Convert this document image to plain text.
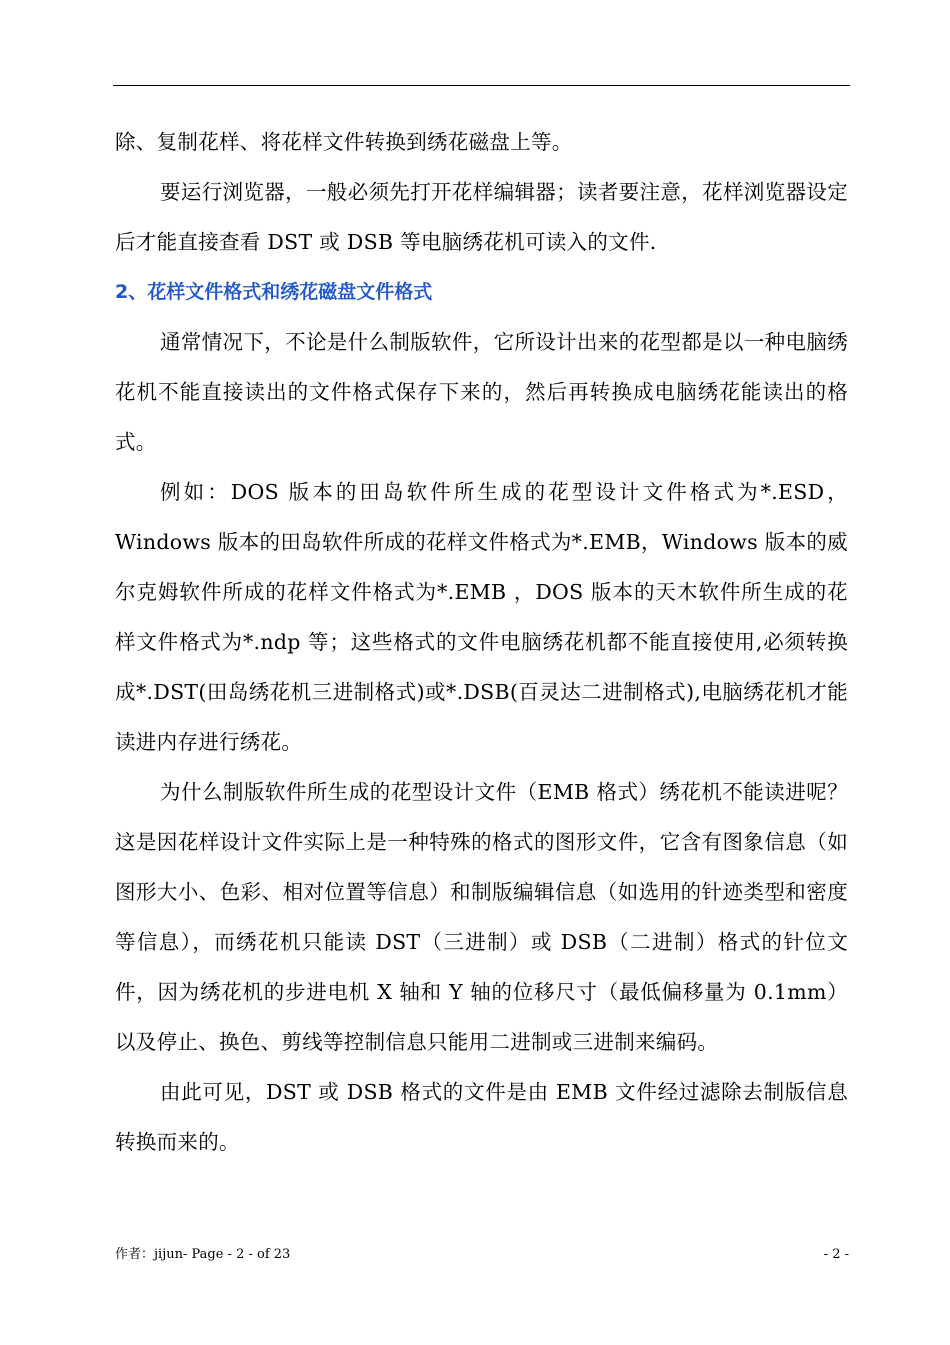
除、复制花样、将花样文件转换到绣花磁盘上等。

要运行浏览器，一般必须先打开花样编辑器；读者要注意，花样浏览器设定后才能直接查看 DST 或 DSB 等电脑绣花机可读入的文件.

2、花样文件格式和绣花磁盘文件格式

通常情况下，不论是什么制版软件，它所设计出来的花型都是以一种电脑绣花机不能直接读出的文件格式保存下来的，然后再转换成电脑绣花能读出的格式。

例如：DOS 版本的田岛软件所生成的花型设计文件格式为*.ESD，Windows 版本的田岛软件所成的花样文件格式为*.EMB，Windows 版本的威尔克姆软件所成的花样文件格式为*.EMB ，DOS 版本的天木软件所生成的花样文件格式为*.ndp 等；这些格式的文件电脑绣花机都不能直接使用,必须转换成*.DST(田岛绣花机三进制格式)或*.DSB(百灵达二进制格式),电脑绣花机才能读进内存进行绣花。

为什么制版软件所生成的花型设计文件（EMB 格式）绣花机不能读进呢？这是因花样设计文件实际上是一种特殊的格式的图形文件，它含有图象信息（如图形大小、色彩、相对位置等信息）和制版编辑信息（如选用的针迹类型和密度等信息），而绣花机只能读 DST（三进制）或 DSB（二进制）格式的针位文件，因为绣花机的步进电机 X 轴和 Y 轴的位移尺寸（最低偏移量为 0.1mm）以及停止、换色、剪线等控制信息只能用二进制或三进制来编码。

由此可见，DST 或 DSB 格式的文件是由 EMB 文件经过滤除去制版信息转换而来的。

作者：jijun- Page - 2 - of 23	- 2 -
